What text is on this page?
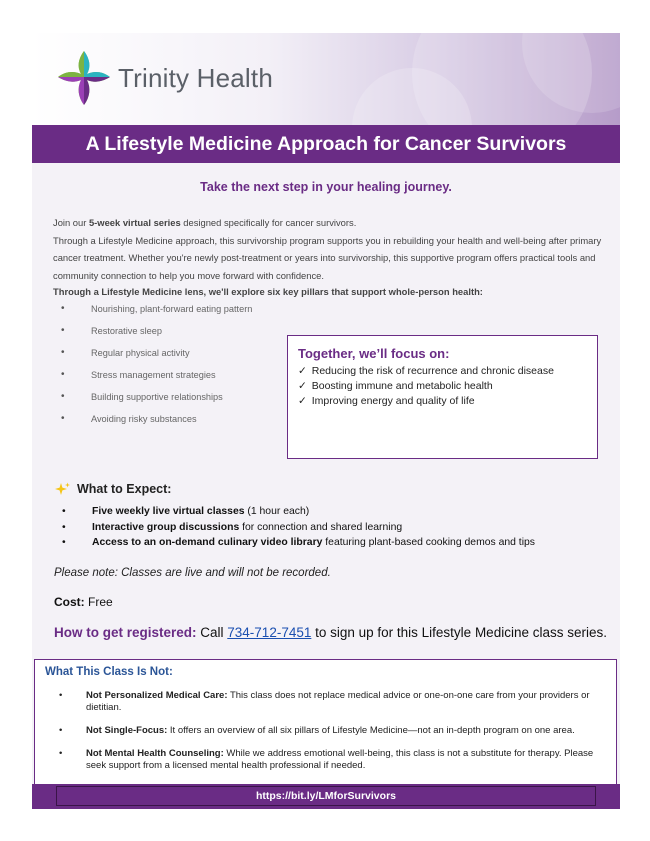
Trinity Health
A Lifestyle Medicine Approach for Cancer Survivors
Take the next step in your healing journey.

Join our 5-week virtual series designed specifically for cancer survivors.

Through a Lifestyle Medicine approach, this survivorship program supports you in rebuilding your health and well-being after primary cancer treatment. Whether you're newly post-treatment or years into survivorship, this supportive program offers practical tools and community connection to help you move forward with confidence.

Through a Lifestyle Medicine lens, we'll explore six key pillars that support whole-person health:
• Nourishing, plant-forward eating pattern
• Restorative sleep
• Regular physical activity
• Stress management strategies
• Building supportive relationships
• Avoiding risky substances
Together, we’ll focus on:
✓ Reducing the risk of recurrence and chronic disease
✓ Boosting immune and metabolic health
✓ Improving energy and quality of life
What to Expect:
• Five weekly live virtual classes (1 hour each)
• Interactive group discussions for connection and shared learning
• Access to an on-demand culinary video library featuring plant-based cooking demos and tips
Please note: Classes are live and will not be recorded.
Cost: Free
How to get registered: Call 734-712-7451 to sign up for this Lifestyle Medicine class series.
What This Class Is Not:
• Not Personalized Medical Care: This class does not replace medical advice or one-on-one care from your providers or dietitian.
• Not Single-Focus: It offers an overview of all six pillars of Lifestyle Medicine—not an in-depth program on one area.
• Not Mental Health Counseling: While we address emotional well-being, this class is not a substitute for therapy. Please seek support from a licensed mental health professional if needed.
https://bit.ly/LMforSurvivors
